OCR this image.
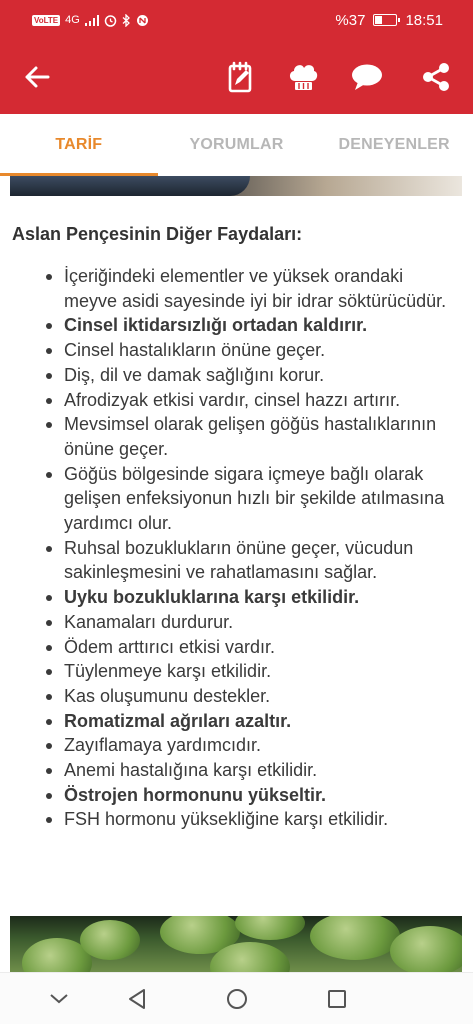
VoLTE 4G	%37	18:51
TARİF	YORUMLAR	DENEYENLER
Aslan Pençesinin Diğer Faydaları:
İçeriğindeki elementler ve yüksek orandaki meyve asidi sayesinde iyi bir idrar söktürücüdür.
Cinsel iktidarsızlığı ortadan kaldırır.
Cinsel hastalıkların önüne geçer.
Diş, dil ve damak sağlığını korur.
Afrodizyak etkisi vardır, cinsel hazzı artırır.
Mevsimsel olarak gelişen göğüs hastalıklarının önüne geçer.
Göğüs bölgesinde sigara içmeye bağlı olarak gelişen enfeksiyonun hızlı bir şekilde atılmasına yardımcı olur.
Ruhsal bozuklukların önüne geçer, vücudun sakinleşmesini ve rahatlamasını sağlar.
Uyku bozukluklarına karşı etkilidir.
Kanamaları durdurur.
Ödem arttırıcı etkisi vardır.
Tüylenmeye karşı etkilidir.
Kas oluşumunu destekler.
Romatizmal ağrıları azaltır.
Zayıflamaya yardımcıdır.
Anemi hastalığına karşı etkilidir.
Östrojen hormonunu yükseltir.
FSH hormonu yüksekliğine karşı etkilidir.
